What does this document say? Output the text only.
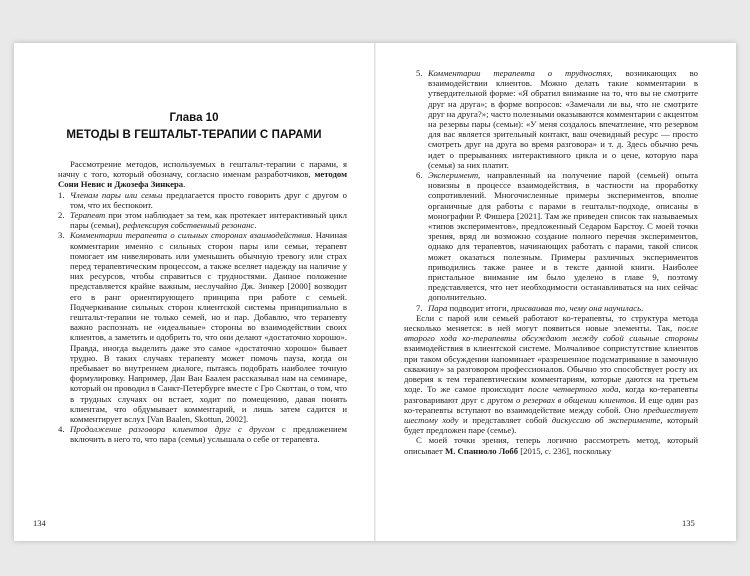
Глава 10
МЕТОДЫ В ГЕШТАЛЬТ-ТЕРАПИИ С ПАРАМИ

Рассмотрение методов, используемых в гештальт-терапии с парами, я начну с того, который обозначу, согласно именам разработчиков, методом Сони Невис и Джозефа Зинкера.

1. Членам пары или семьи предлагается просто говорить друг с другом о том, что их беспокоит.

2. Терапевт при этом наблюдает за тем, как протекает интерактивный цикл пары (семьи), рефлексируя собственный резонанс.

3. Комментарии терапевта о сильных сторонах взаимодействия. Начиная комментарии именно с сильных сторон пары или семьи, терапевт помогает им нивелировать или уменьшить обычную тревогу или страх перед терапевтическим процессом, а также вселяет надежду на наличие у них ресурсов, чтобы справиться с трудностями. Данное положение представляется крайне важным, неслучайно Дж. Зинкер [2000] возводит его в ранг ориентирующего принципа при работе с семьей. Подчеркивание сильных сторон клиентской системы принципиально в гештальт-терапии не только семей, но и пар. Добавлю, что терапевту важно распознать не «идеальные» стороны во взаимодействии своих клиентов, а заметить и одобрить то, что они делают «достаточно хорошо». Правда, иногда выделить даже это самое «достаточно хорошо» бывает трудно. В таких случаях терапевту может помочь пауза, когда он пребывает во внутреннем диалоге, пытаясь подобрать наиболее точную формулировку. Например, Дан Ван Баален рассказывал нам на семинаре, который он проводил в Санкт-Петербурге вместе с Гро Скоттан, о том, что в трудных случаях он встает, ходит по помещению, давая понять клиентам, что обдумывает комментарий, и лишь затем садится и комментирует вслух [Van Baalen, Skottun, 2002].

4. Продолжение разговора клиентов друг с другом с предложением включить в него то, что пара (семья) услышала о себе от терапевта.

134

5. Комментарии терапевта о трудностях, возникающих во взаимодействии клиентов. Можно делать такие комментарии в утвердительной форме: «Я обратил внимание на то, что вы не смотрите друг на друга»; в форме вопросов: «Замечали ли вы, что не смотрите друг на друга?»; часто полезными оказываются комментарии с акцентом на резервы пары (семьи): «У меня создалось впечатление, что резервом для вас является зрительный контакт, ваш очевидный ресурс — просто смотреть друг на друга во время разговора» и т. д. Здесь обычно речь идет о прерываниях интерактивного цикла и о цене, которую пара (семья) за них платит.

6. Эксперимент, направленный на получение парой (семьей) опыта новизны в процессе взаимодействия, в частности на проработку сопротивлений. Многочисленные примеры экспериментов, вполне органичные для работы с парами в гештальт-подходе, описаны в монографии Р. Фишера [2021]. Там же приведен список так называемых «типов экспериментов», предложенный Седаром Барстоу. С моей точки зрения, вряд ли возможно создание полного перечня экспериментов, однако для терапевтов, начинающих работать с парами, такой список может оказаться полезным. Примеры различных экспериментов приводились также ранее и в тексте данной книги. Наиболее пристальное внимание им было уделено в главе 9, поэтому представляется, что нет необходимости останавливаться на них сейчас дополнительно.

7. Пара подводит итоги, присваивая то, чему она научилась.

Если с парой или семьей работают ко-терапевты, то структура метода несколько меняется: в ней могут появиться новые элементы. Так, после второго хода ко-терапевты обсуждают между собой сильные стороны взаимодействия в клиентской системе. Молчаливое сопристутствие клиентов при таком обсуждении напоминает «разрешенное подсматривание в замочную скважину» за разговором профессионалов. Обычно это способствует росту их доверия к тем терапевтическим комментариям, которые даются на третьем ходе. То же самое происходит после четвертого хода, когда ко-терапевты разговаривают друг с другом о резервах в общении клиентов. И еще один раз ко-терапевты вступают во взаимодействие между собой. Оно предшествует шестому ходу и представляет собой дискуссию об эксперименте, который будет предложен паре (семье).

С моей точки зрения, теперь логично рассмотреть метод, который описывает М. Спаниоло Лобб [2015, с. 236], поскольку

135
